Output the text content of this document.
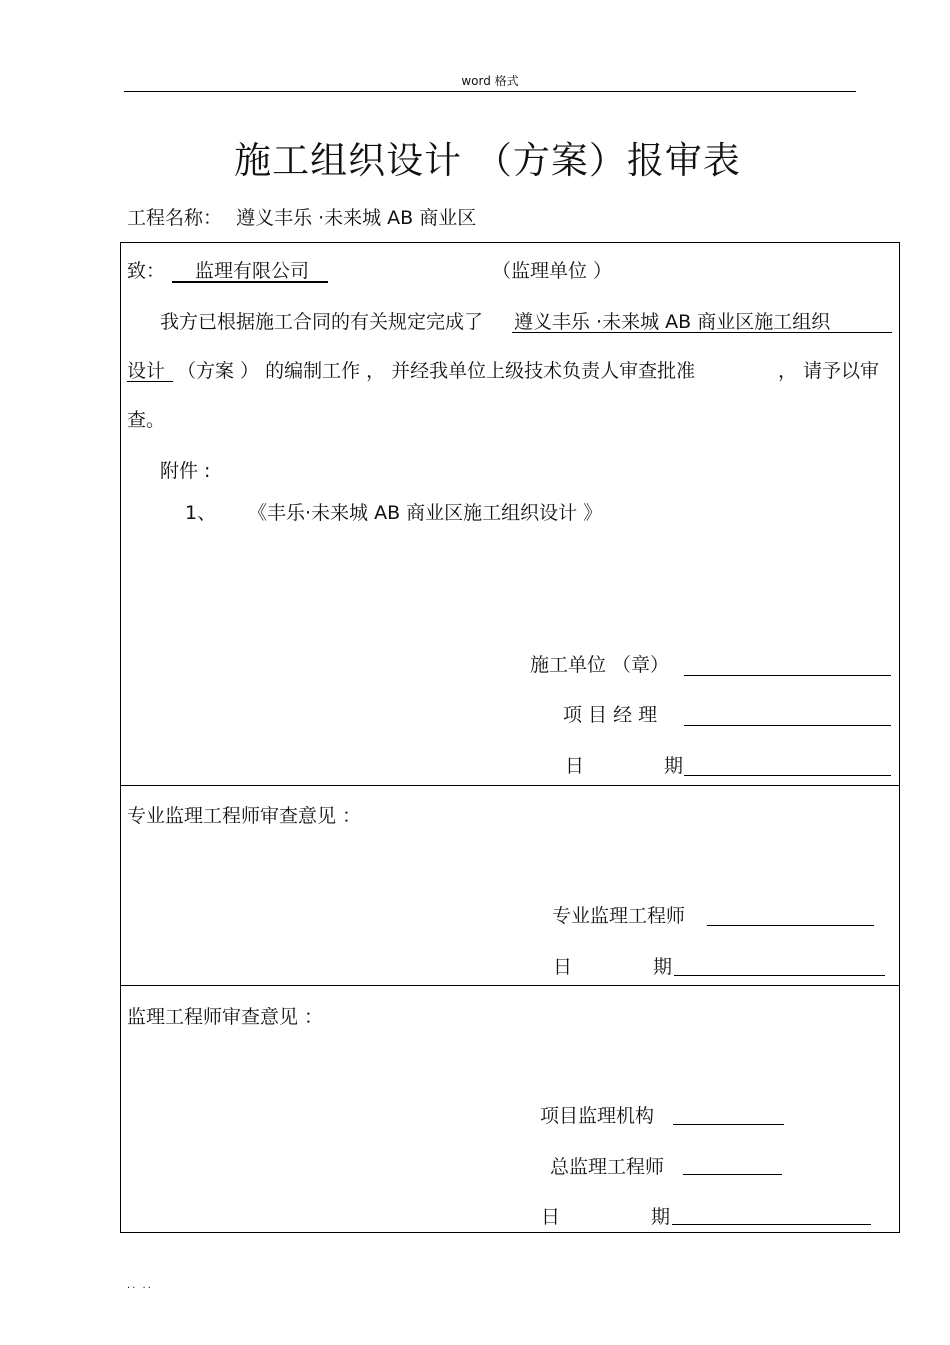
word 格式
施工组织设计 （方案）报审表
工程名称： 遵义丰乐 ·未来城 AB 商业区
致： 监理有限公司	（监理单位 ）
我方已根据施工合同的有关规定完成了 遵义丰乐 ·未来城 AB 商业区施工组织
设计 （方案 ） 的编制工作 ， 并经我单位上级技术负责人审查批准	， 请予以审
查。
附件 :
1、 《丰乐·未来城 AB 商业区施工组织设计 》
施工单位 （章）
项 目 经 理
日	期
专业监理工程师审查意见 ：
专业监理工程师
日	期
监理工程师审查意见 ：
项目监理机构
总监理工程师
日	期
.. ..
